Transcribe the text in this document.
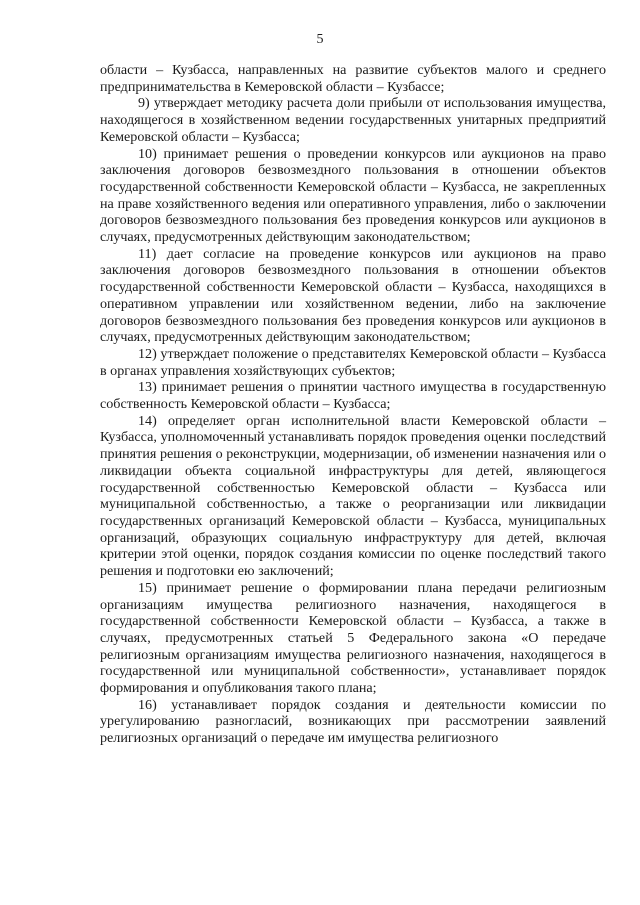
5

области – Кузбасса, направленных на развитие субъектов малого и среднего предпринимательства в Кемеровской области – Кузбассе;

9) утверждает методику расчета доли прибыли от использования имущества, находящегося в хозяйственном ведении государственных унитарных предприятий Кемеровской области – Кузбасса;

10) принимает решения о проведении конкурсов или аукционов на право заключения договоров безвозмездного пользования в отношении объектов государственной собственности Кемеровской области – Кузбасса, не закрепленных на праве хозяйственного ведения или оперативного управления, либо о заключении договоров безвозмездного пользования без проведения конкурсов или аукционов в случаях, предусмотренных действующим законодательством;

11) дает согласие на проведение конкурсов или аукционов на право заключения договоров безвозмездного пользования в отношении объектов государственной собственности Кемеровской области – Кузбасса, находящихся в оперативном управлении или хозяйственном ведении, либо на заключение договоров безвозмездного пользования без проведения конкурсов или аукционов в случаях, предусмотренных действующим законодательством;

12) утверждает положение о представителях Кемеровской области – Кузбасса в органах управления хозяйствующих субъектов;

13) принимает решения о принятии частного имущества в государственную собственность Кемеровской области – Кузбасса;

14) определяет орган исполнительной власти Кемеровской области – Кузбасса, уполномоченный устанавливать порядок проведения оценки последствий принятия решения о реконструкции, модернизации, об изменении назначения или о ликвидации объекта социальной инфраструктуры для детей, являющегося государственной собственностью Кемеровской области – Кузбасса или муниципальной собственностью, а также о реорганизации или ликвидации государственных организаций Кемеровской области – Кузбасса, муниципальных организаций, образующих социальную инфраструктуру для детей, включая критерии этой оценки, порядок создания комиссии по оценке последствий такого решения и подготовки ею заключений;

15) принимает решение о формировании плана передачи религиозным организациям имущества религиозного назначения, находящегося в государственной собственности Кемеровской области – Кузбасса, а также в случаях, предусмотренных статьей 5 Федерального закона «О передаче религиозным организациям имущества религиозного назначения, находящегося в государственной или муниципальной собственности», устанавливает порядок формирования и опубликования такого плана;

16) устанавливает порядок создания и деятельности комиссии по урегулированию разногласий, возникающих при рассмотрении заявлений религиозных организаций о передаче им имущества религиозного
